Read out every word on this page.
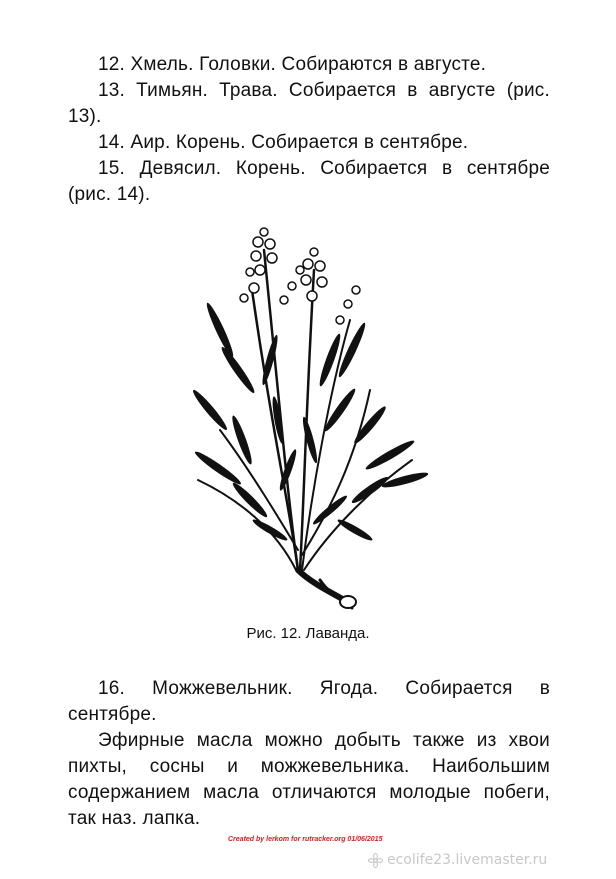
12. Хмель. Головки. Собираются в августе.

13. Тимьян. Трава. Собирается в августе (рис. 13).

14. Аир. Корень. Собирается в сентябре.

15. Девясил. Корень. Собирается в сентябре (рис. 14).

Рис. 12. Лаванда.

16. Можжевельник. Ягода. Собирается в сентябре.

Эфирные масла можно добыть также из хвои пихты, сосны и можжевельника. Наибольшим содержанием масла отличаются молодые побеги, так наз. лапка.

Created by lerkom for rutracker.org 01/06/2015
ecolife23.livemaster.ru
